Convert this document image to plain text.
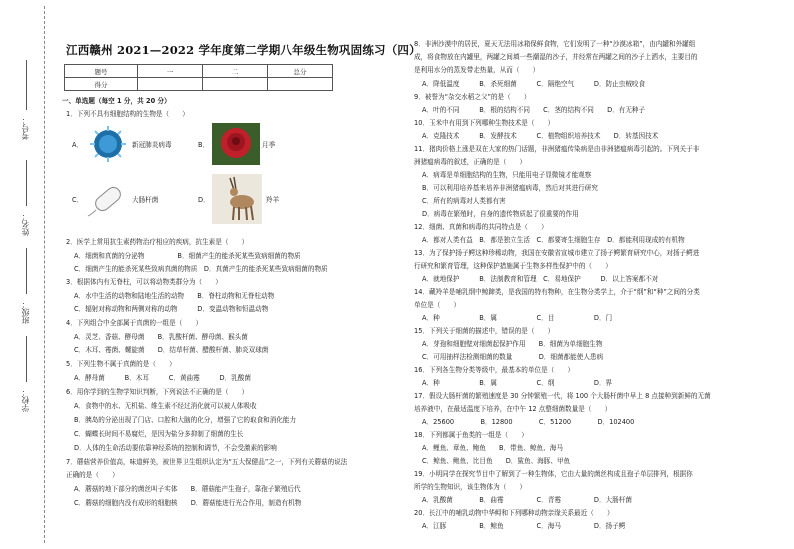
考号：
姓名：
班级：
学校：
江西赣州 2021—2022 学年度第二学期八年级生物巩固练习（四）
题号	一	二	总分
得分			
一、单选题（每空 1 分，共 20 分）
1．下列不具有细胞结构的生物是（　　）
A．	新冠肺炎病毒	B．	月季
C．	大肠杆菌	D．	羚羊
2．医学上常用抗生素药物治疗相应的疾病，抗生素是（　　）
A．细菌和真菌的分泌物　　　　　B．细菌产生的能杀死某些致病细菌的物质
C．细菌产生的能杀死某些致病真菌的物质　D．真菌产生的能杀死某些致病细菌的物质
3．根据体内有无脊柱，可以将动物类群分为（　　）
A．水中生活的动物和陆地生活的动物　　B．脊柱动物和无脊柱动物
C．辐射对称动物和两侧对称的动物　　　D．变温动物和恒温动物
4．下列组合中全部属于真菌的一组是（　　）
A．灵芝、香菇、酵母菌　　B．乳酸杆菌、酵母菌、猴头菌
C．木耳、霉菌、螺旋菌　　D．结草杆菌、醋酸杆菌、肺炎双球菌
5．下列生物不属于真菌的是（　　）
A．酵母菌　　　B．木耳　　　C．黄曲霉　　　D．乳酸菌
6．用你学到的生物学知识判断，下列说法不正确的是（　　）
A．食物中的水、无机盐、维生素不经过消化就可以被人体吸收
B．胰岛的分泌出现了门店、口腔和大脑的化分，增强了它的取食和消化能力
C．蝴蝶长时间不易腐烂，是因为盐分多抑制了细菌的生长
D．人体的生命活动要依靠神经系统的控制和调节，不会受激素的影响
7．蘑菇营养价值高，味道鲜美，被世界卫生组织认定为“五大保健品”之一，下列有关蘑菇的说法
正确的是（　　）
A．蘑菇的地下部分的菌丝叫子实体　　B．蘑菇能产生孢子，靠孢子繁殖后代
C．蘑菇的细胞内没有成形的细胞核　　D．蘑菇能进行光合作用，制造有机物
8．非洲沙漠中的居民，夏天无法用冰箱保鲜食物，它们发明了一种“沙漠冰箱”，由内罐和外罐组
成，将食物放在内罐里，两罐之间填一些潮湿的沙子，并经常在两罐之间的沙子上洒水，主要目的
是利用水分的蒸发带走热量，从而（　　）
A．降低温度　　　B．杀死细菌　　　C．隔绝空气　　　D．防止虫贼咬食
9．被誉为“杂交水稻之父”的是（　　）
A．叶的不同　　　B．根的结构不同　　C．茎的结构不同　　D．有无种子
10．玉米中有用到下列哪种生物技术是（　　）
A．克隆技术　　　B．发酵技术　　　C．植物组织培养技术　　D．转基因技术
11．猪肉价格上涨是双在大家的热门话题，非洲猪瘟传染病是由非洲猪瘟病毒引起的。下列关于非
洲猪瘟病毒的叙述，正确的是（　　）
A．病毒是单细胞结构的生物，只能用电子显微镜才能观察
B．可以利用培养基来培养非洲猪瘟病毒，然后对其进行研究
C．所有的病毒对人类都有害
D．病毒在繁殖时，自身的遗传物质起了很重要的作用
12．细菌、真菌和病毒的共同特点是（　　）
A．都对人类有益　B．都是独立生活　C．都要寄生细胞生存　D．都能利用现成的有机物
13．为了保护扬子鳄这种珍稀动物，我国在安徽省宣城市建立了扬子鳄繁育研究中心，对扬子鳄进
行研究和繁育管理，这种保护措施属于生物多样性保护中的（　　）
A．就地保护　　　B．法制教育和管理　C．易地保护　　　D．以上答案都不对
14．藏羚羊是哺乳纲中鲸蹄类，是我国的特有物种，在生物分类学上，介于“纲”和“种”之间的分类
单位是（　　）
A．种　　　　　　B．属　　　　　　C．目　　　　　　D．门
15．下列关于细菌的描述中，错误的是（　　）
A．芽孢和细胞壁对细菌起保护作用　　B．细菌为单细胞生物
C．可用抽样法检测细菌的数量　　　　D．细菌都能使人患病
16．下列各生物分类等级中，最基本的单位是（　　）
A．种　　　　　　B．属　　　　　　C．纲　　　　　　D．界
17．假设大肠杆菌的繁殖速度是 30 分钟繁殖一代，将 100 个大肠杆菌中早上 8 点接种到新鲜的无菌
培养液中，在最适温度下培养，在中午 12 点整细菌数量是（　　）
A．25600　　　　B．12800　　　　C．51200　　　　D．102400
18．下列都属于鱼类的一组是（　　）
A．鲤鱼、章鱼、鲍鱼　　B．带鱼、鲸鱼、海马
C．鲸鱼、鲍鱼、比目鱼　　D．鲨鱼、海豚、甲鱼
19．小明同学在探究节目中了解到了一种生物体，它由大量的菌丝构成且孢子单层排列，根据你
所学的生物知识，该生物体为（　　）
A．乳酸菌　　　　B．曲霉　　　　　C．青霉　　　　　D．大肠杆菌
20．长江中的哺乳动物中华鲟和下列哪种动物亲缘关系最近（　　）
A．江豚　　　　　B．鲸鱼　　　　　C．海马　　　　　D．扬子鳄
